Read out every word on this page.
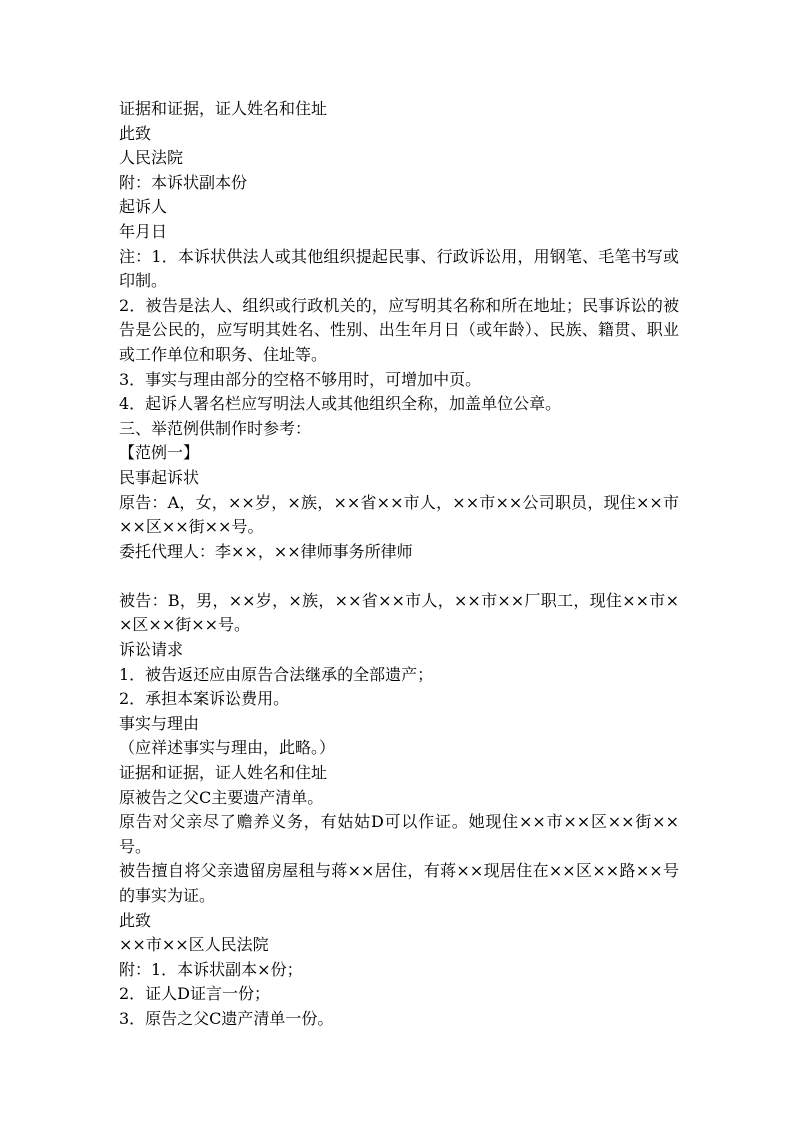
证据和证据，证人姓名和住址
此致
人民法院
附：本诉状副本份
起诉人
年月日
注：1．本诉状供法人或其他组织提起民事、行政诉讼用，用钢笔、毛笔书写或印制。
2．被告是法人、组织或行政机关的，应写明其名称和所在地址；民事诉讼的被告是公民的，应写明其姓名、性别、出生年月日（或年龄）、民族、籍贯、职业或工作单位和职务、住址等。
3．事实与理由部分的空格不够用时，可增加中页。
4．起诉人署名栏应写明法人或其他组织全称，加盖单位公章。
三、举范例供制作时参考：
【范例一】
民事起诉状
原告：A，女，××岁，×族，××省××市人，××市××公司职员，现住××市××区××街××号。
委托代理人：李××，××律师事务所律师
被告：B，男，××岁，×族，××省××市人，××市××厂职工，现住××市××区××街××号。
诉讼请求
1．被告返还应由原告合法继承的全部遗产；
2．承担本案诉讼费用。
事实与理由
（应祥述事实与理由，此略。）
证据和证据，证人姓名和住址
原被告之父C主要遗产清单。
原告对父亲尽了赡养义务，有姑姑D可以作证。她现住××市××区××街××号。
被告擅自将父亲遗留房屋租与蒋××居住，有蒋××现居住在××区××路××号的事实为证。
此致
××市××区人民法院
附：1．本诉状副本×份；
2．证人D证言一份；
3．原告之父C遗产清单一份。
